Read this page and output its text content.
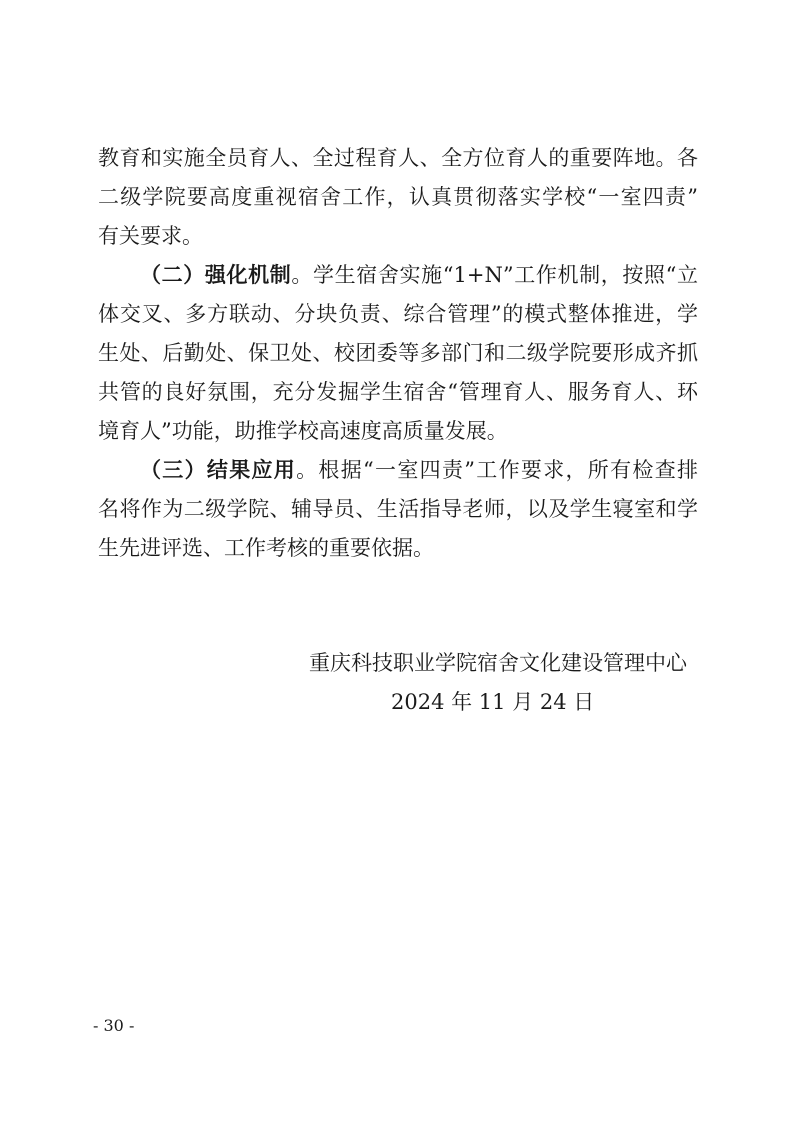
教育和实施全员育人、全过程育人、全方位育人的重要阵地。各
二级学院要高度重视宿舍工作，认真贯彻落实学校“一室四责”
有关要求。
（二）强化机制。学生宿舍实施“1+N”工作机制，按照“立
体交叉、多方联动、分块负责、综合管理”的模式整体推进，学
生处、后勤处、保卫处、校团委等多部门和二级学院要形成齐抓
共管的良好氛围，充分发掘学生宿舍“管理育人、服务育人、环
境育人”功能，助推学校高速度高质量发展。
（三）结果应用。根据“一室四责”工作要求，所有检查排
名将作为二级学院、辅导员、生活指导老师，以及学生寝室和学
生先进评选、工作考核的重要依据。
重庆科技职业学院宿舍文化建设管理中心
2024 年 11 月 24 日
- 30 -
